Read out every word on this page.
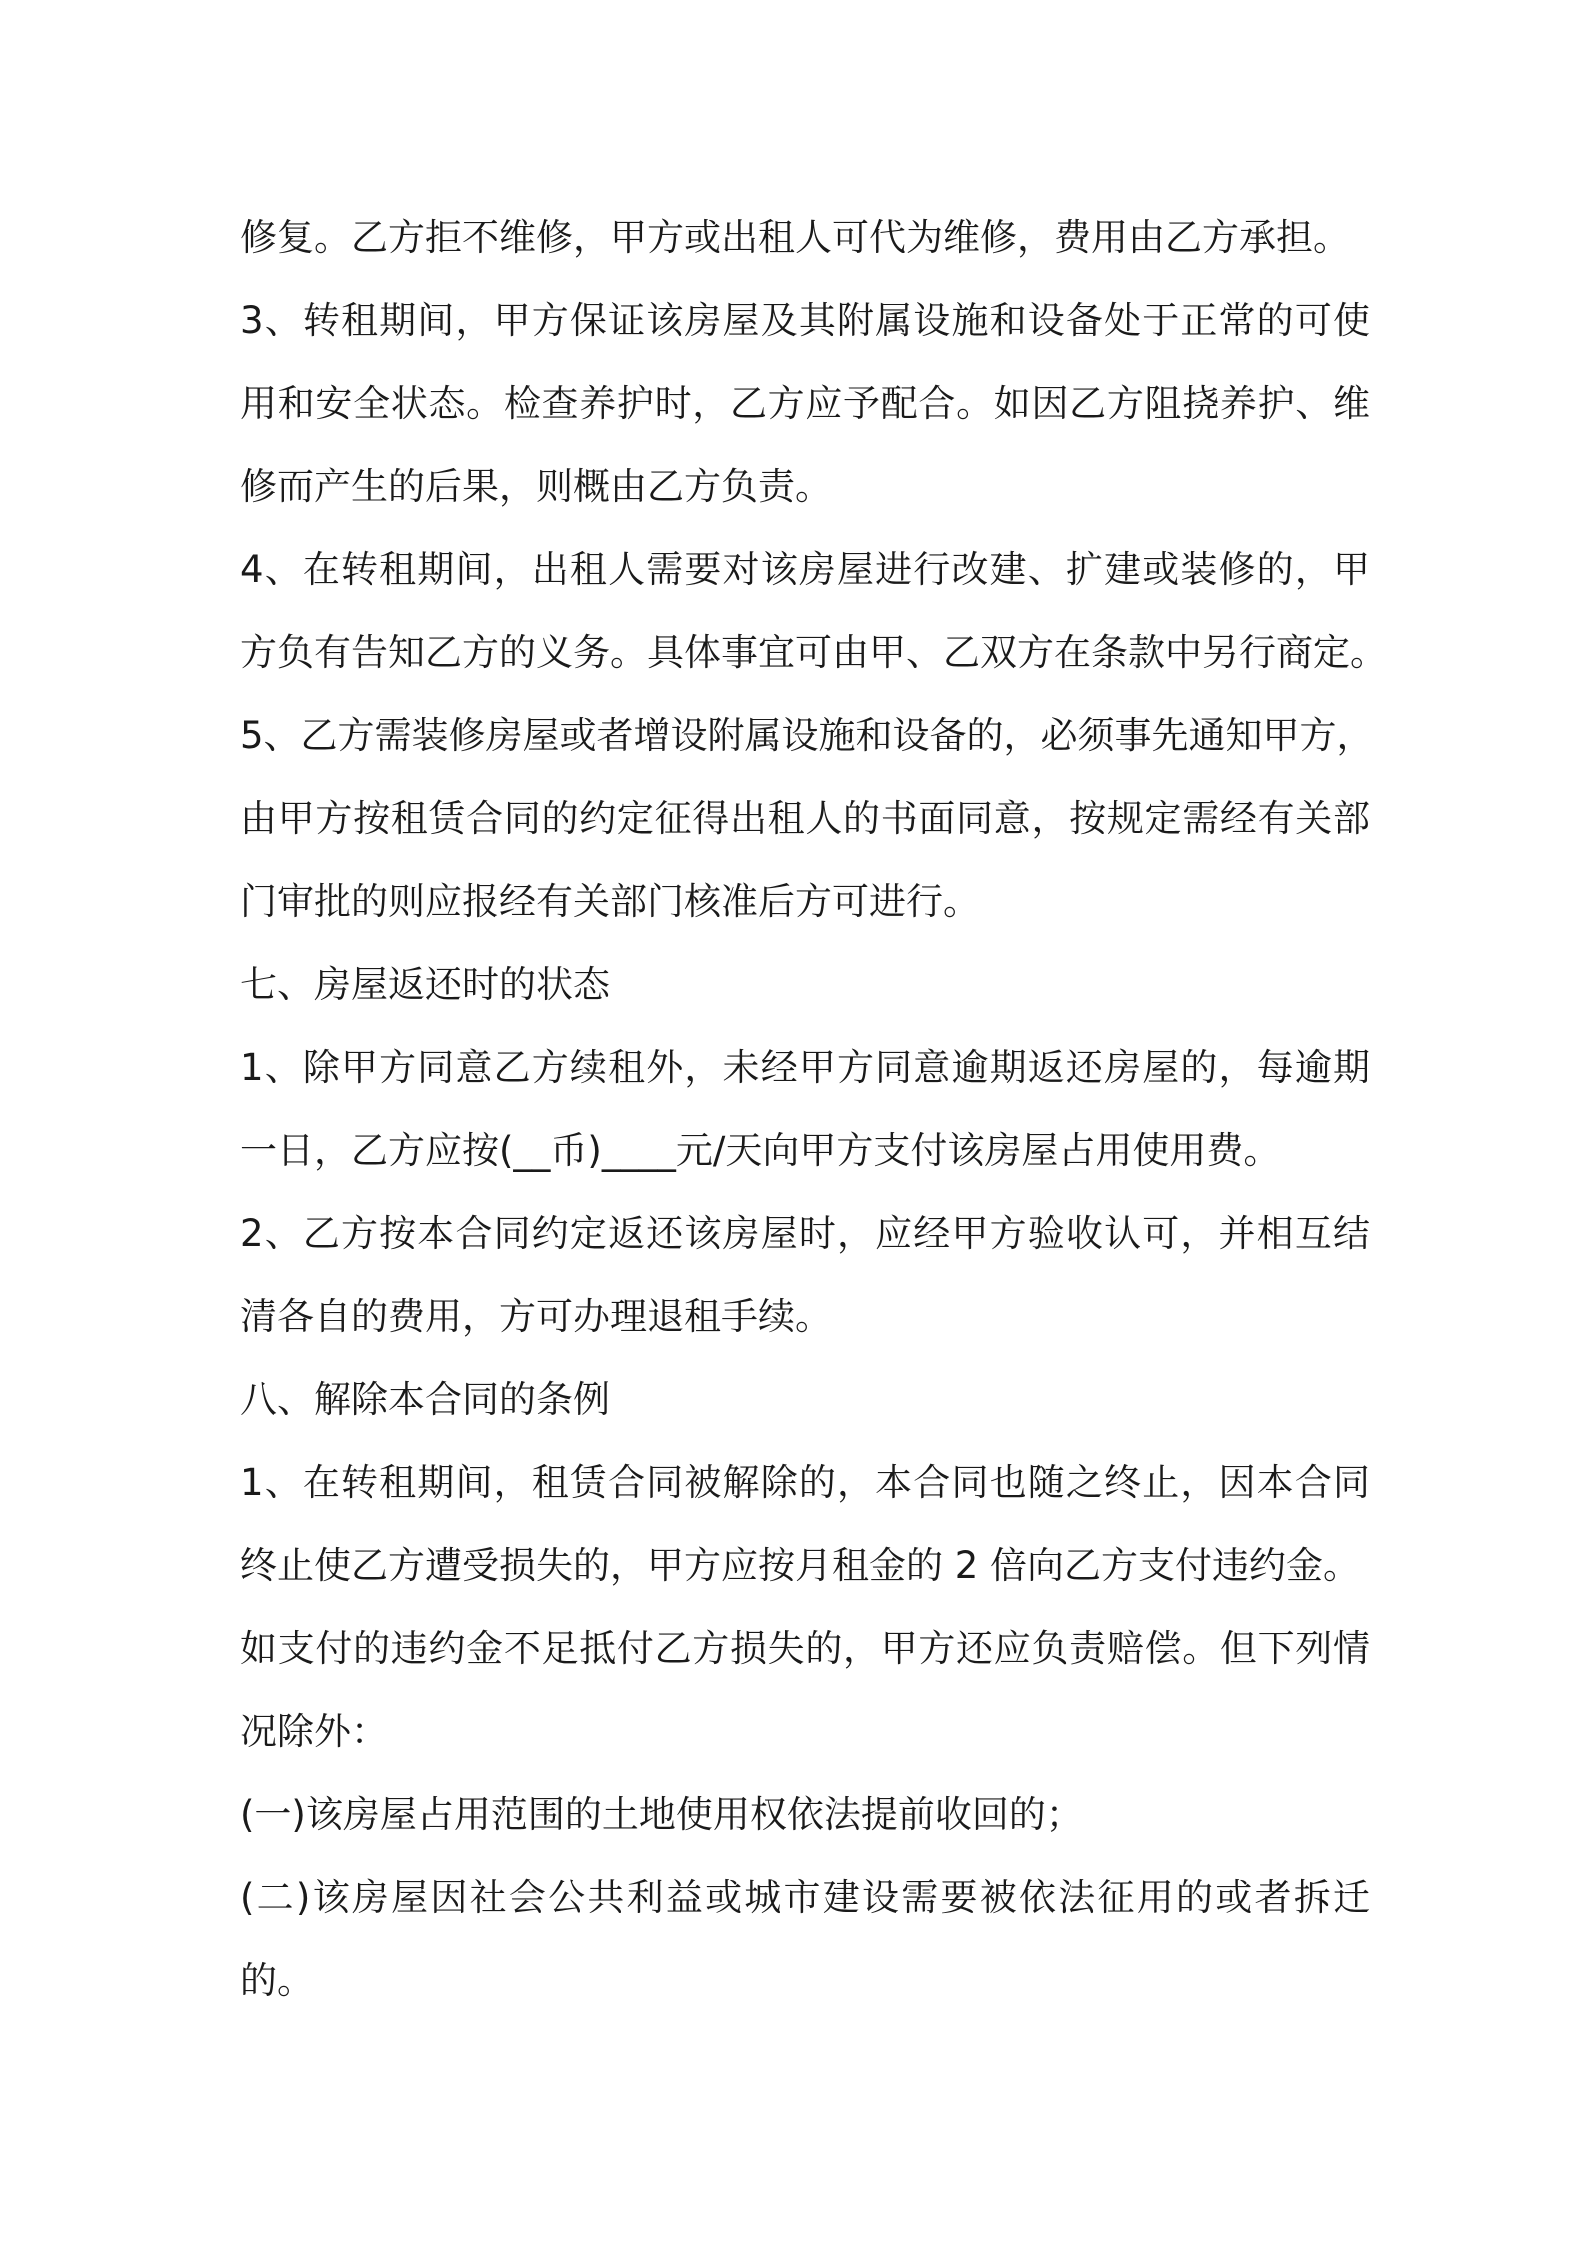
修复。乙方拒不维修，甲方或出租人可代为维修，费用由乙方承担。
3、转租期间，甲方保证该房屋及其附属设施和设备处于正常的可使
用和安全状态。检查养护时，乙方应予配合。如因乙方阻挠养护、维
修而产生的后果，则概由乙方负责。
4、在转租期间，出租人需要对该房屋进行改建、扩建或装修的，甲
方负有告知乙方的义务。具体事宜可由甲、乙双方在条款中另行商定。
5、乙方需装修房屋或者增设附属设施和设备的，必须事先通知甲方，
由甲方按租赁合同的约定征得出租人的书面同意，按规定需经有关部
门审批的则应报经有关部门核准后方可进行。
七、房屋返还时的状态
1、除甲方同意乙方续租外，未经甲方同意逾期返还房屋的，每逾期
一日，乙方应按(__币)____元/天向甲方支付该房屋占用使用费。
2、乙方按本合同约定返还该房屋时，应经甲方验收认可，并相互结
清各自的费用，方可办理退租手续。
八、解除本合同的条例
1、在转租期间，租赁合同被解除的，本合同也随之终止，因本合同
终止使乙方遭受损失的，甲方应按月租金的 2 倍向乙方支付违约金。
如支付的违约金不足抵付乙方损失的，甲方还应负责赔偿。但下列情
况除外：
(一)该房屋占用范围的土地使用权依法提前收回的；
(二)该房屋因社会公共利益或城市建设需要被依法征用的或者拆迁
的。
